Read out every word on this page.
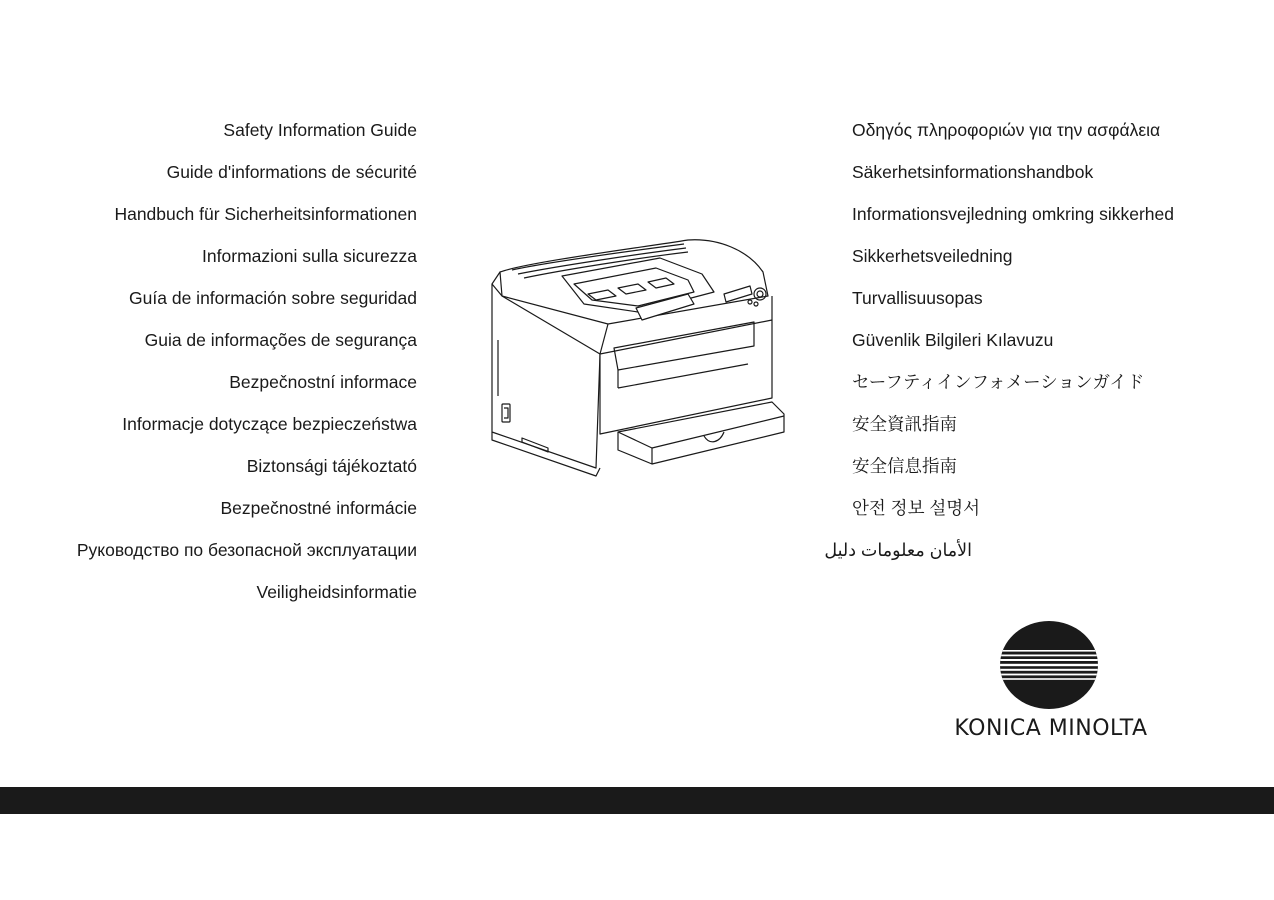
Safety Information Guide
Guide d'informations de sécurité
Handbuch für Sicherheitsinformationen
Informazioni sulla sicurezza
Guía de información sobre seguridad
Guia de informações de segurança
Bezpečnostní informace
Informacje dotyczące bezpieczeństwa
Biztonsági tájékoztató
Bezpečnostné informácie
Руководство по безопасной эксплуатации
Veiligheidsinformatie
Οδηγός πληροφοριών για την ασφάλεια
Säkerhetsinformationshandbok
Informationsvejledning omkring sikkerhed
Sikkerhetsveiledning
Turvallisuusopas
Güvenlik Bilgileri Kılavuzu
セーフティインフォメーションガイド
安全資訊指南
安全信息指南
안전 정보 설명서
الأمان معلومات دليل
KONICA MINOLTA
